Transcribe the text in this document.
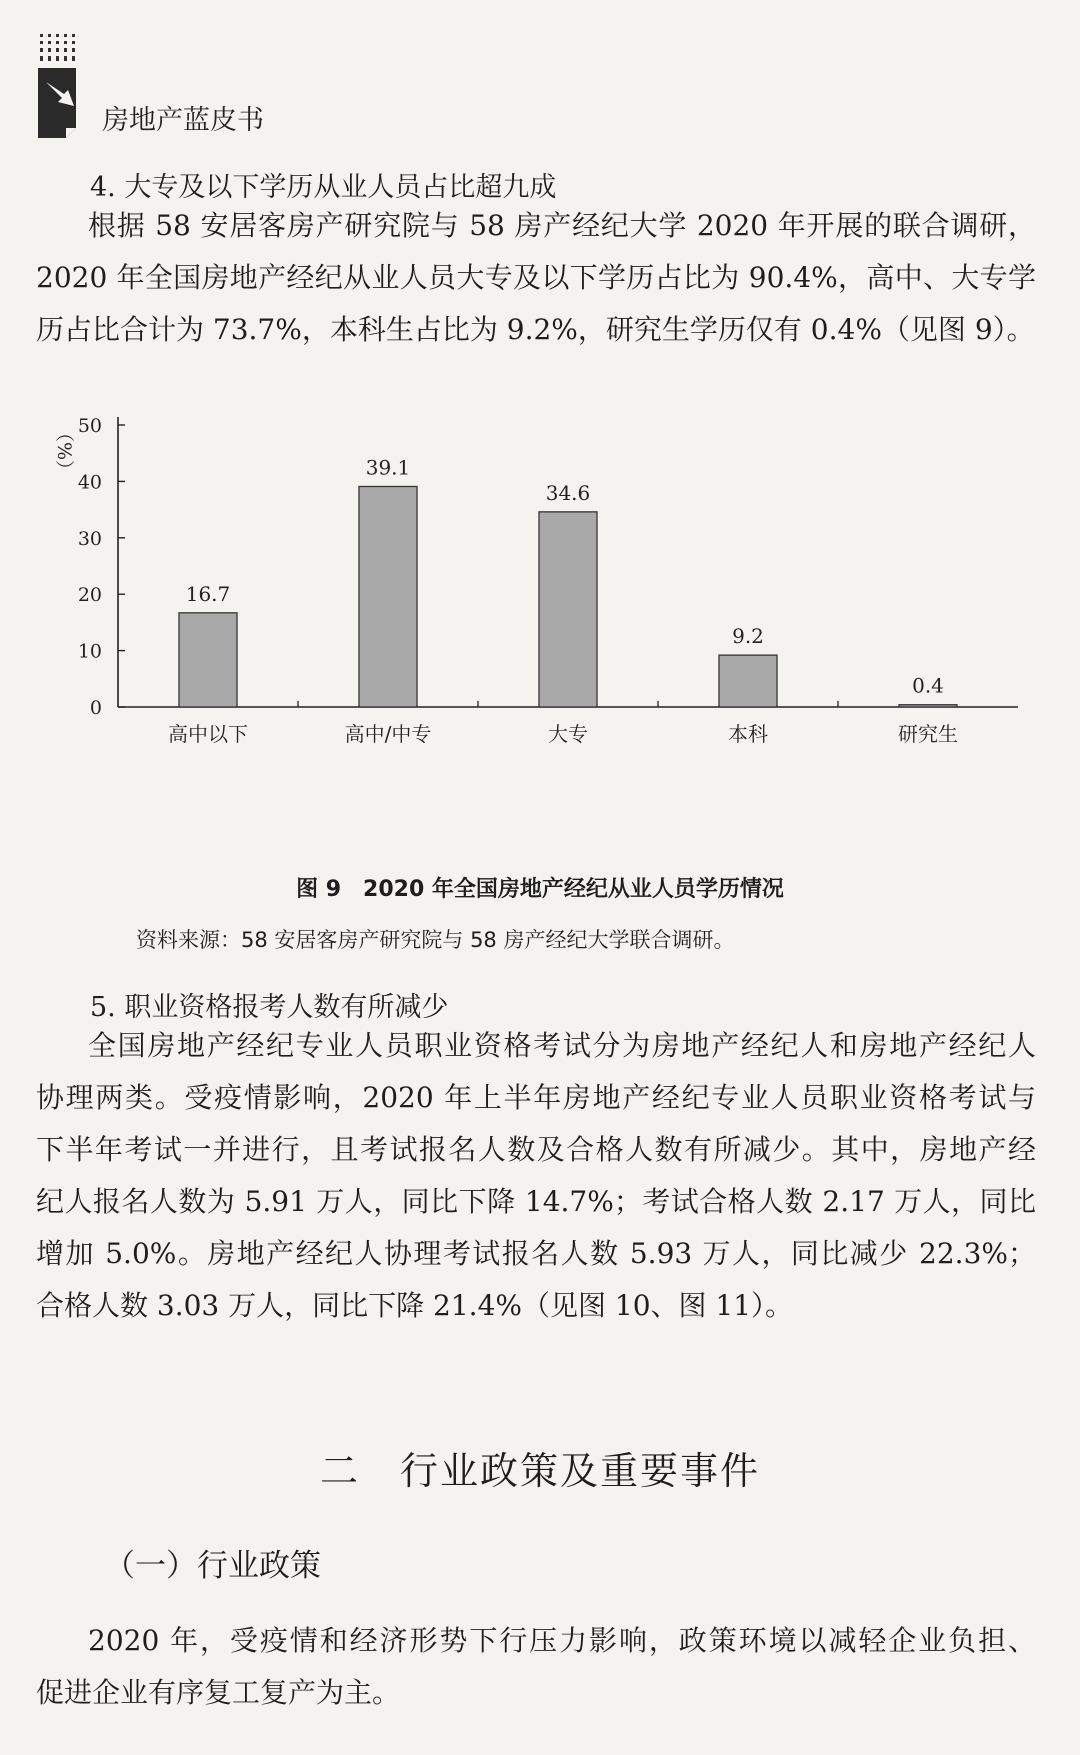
房地产蓝皮书
4. 大专及以下学历从业人员占比超九成
根据 58 安居客房产研究院与 58 房产经纪大学 2020 年开展的联合调研，
2020 年全国房地产经纪从业人员大专及以下学历占比为 90.4%，高中、大专学
历占比合计为 73.7%，本科生占比为 9.2%，研究生学历仅有 0.4%（见图 9）。
（%）
0
10
20
30
40
50
16.7
高中以下
39.1
高中/中专
34.6
大专
9.2
本科
0.4
研究生
图 9　2020 年全国房地产经纪从业人员学历情况
资料来源：58 安居客房产研究院与 58 房产经纪大学联合调研。
5. 职业资格报考人数有所减少
全国房地产经纪专业人员职业资格考试分为房地产经纪人和房地产经纪人
协理两类。受疫情影响，2020 年上半年房地产经纪专业人员职业资格考试与
下半年考试一并进行，且考试报名人数及合格人数有所减少。其中，房地产经
纪人报名人数为 5.91 万人，同比下降 14.7%；考试合格人数 2.17 万人，同比
增加 5.0%。房地产经纪人协理考试报名人数 5.93 万人，同比减少 22.3%；
合格人数 3.03 万人，同比下降 21.4%（见图 10、图 11）。
二　行业政策及重要事件
（一）行业政策
2020 年，受疫情和经济形势下行压力影响，政策环境以减轻企业负担、
促进企业有序复工复产为主。
